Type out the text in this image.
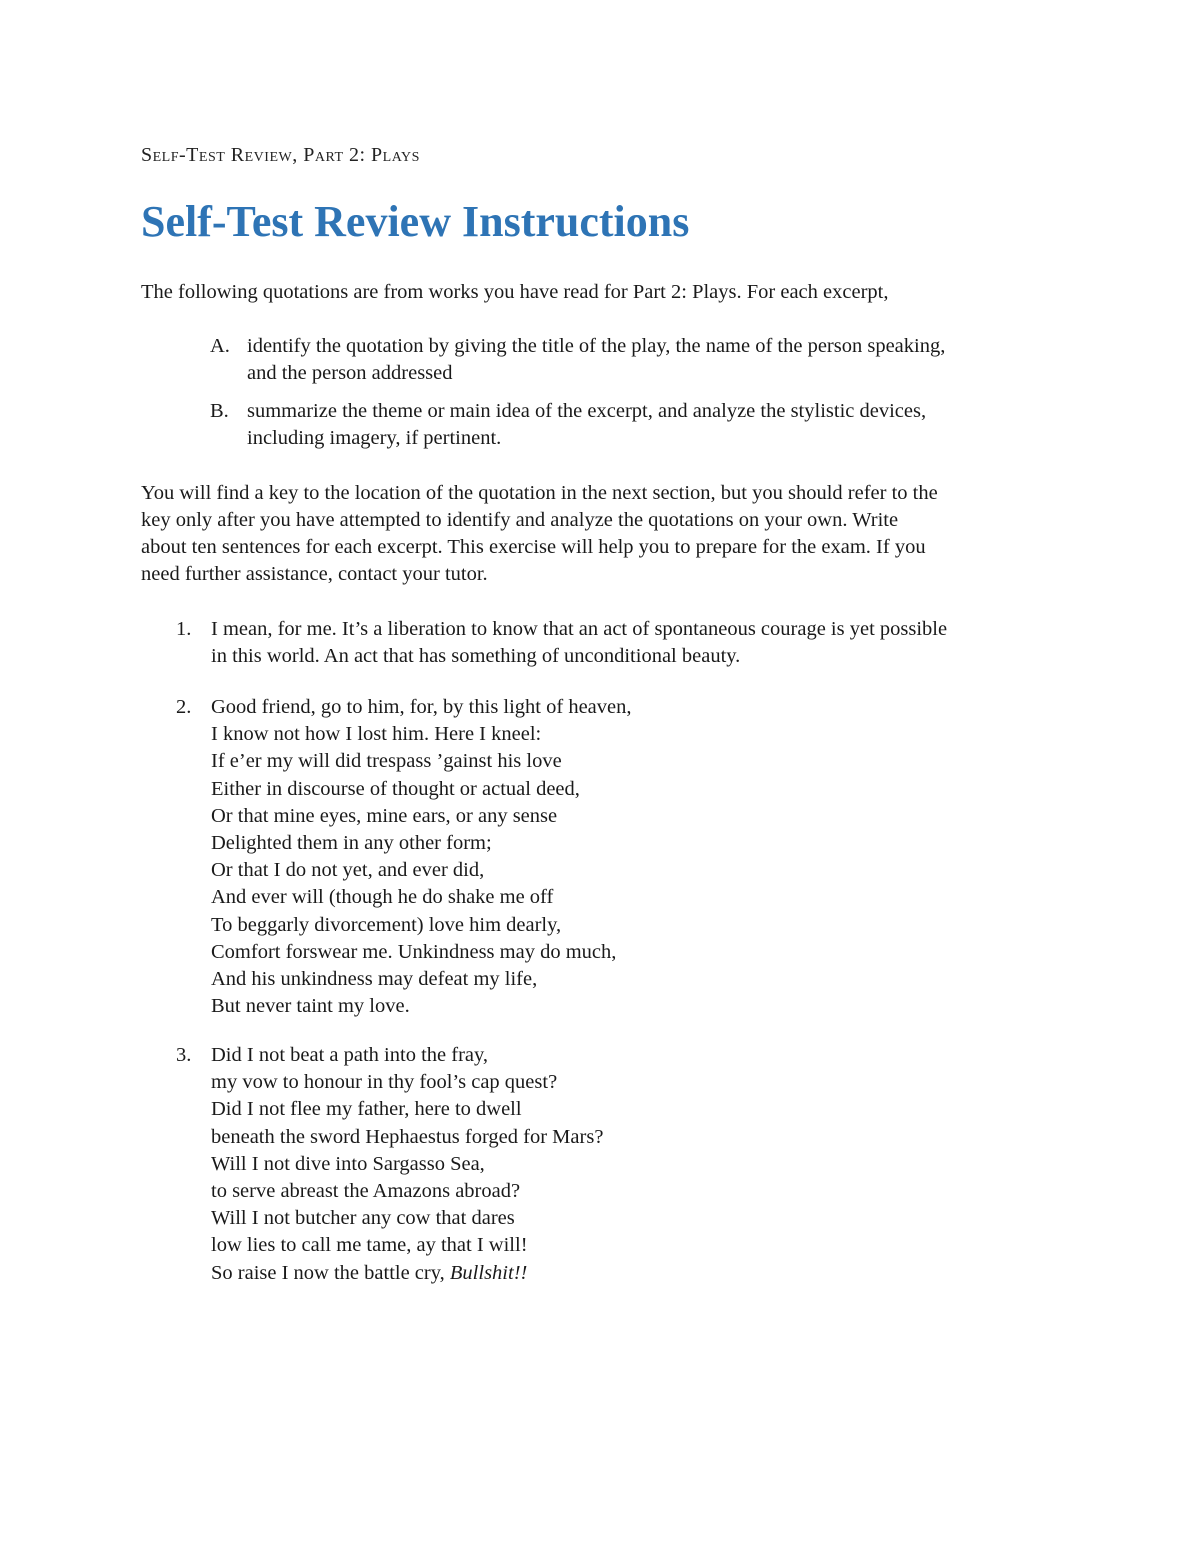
Self-Test Review, Part 2: Plays
Self-Test Review Instructions

The following quotations are from works you have read for Part 2: Plays. For each excerpt,

A. identify the quotation by giving the title of the play, the name of the person speaking,
and the person addressed
B. summarize the theme or main idea of the excerpt, and analyze the stylistic devices,
including imagery, if pertinent.

You will find a key to the location of the quotation in the next section, but you should refer to the
key only after you have attempted to identify and analyze the quotations on your own. Write
about ten sentences for each excerpt. This exercise will help you to prepare for the exam. If you
need further assistance, contact your tutor.

1. I mean, for me. It’s a liberation to know that an act of spontaneous courage is yet possible
in this world. An act that has something of unconditional beauty.
2. Good friend, go to him, for, by this light of heaven,
I know not how I lost him. Here I kneel:
If e’er my will did trespass ’gainst his love
Either in discourse of thought or actual deed,
Or that mine eyes, mine ears, or any sense
Delighted them in any other form;
Or that I do not yet, and ever did,
And ever will (though he do shake me off
To beggarly divorcement) love him dearly,
Comfort forswear me. Unkindness may do much,
And his unkindness may defeat my life,
But never taint my love.
3. Did I not beat a path into the fray,
my vow to honour in thy fool’s cap quest?
Did I not flee my father, here to dwell
beneath the sword Hephaestus forged for Mars?
Will I not dive into Sargasso Sea,
to serve abreast the Amazons abroad?
Will I not butcher any cow that dares
low lies to call me tame, ay that I will!
So raise I now the battle cry, Bullshit!!
